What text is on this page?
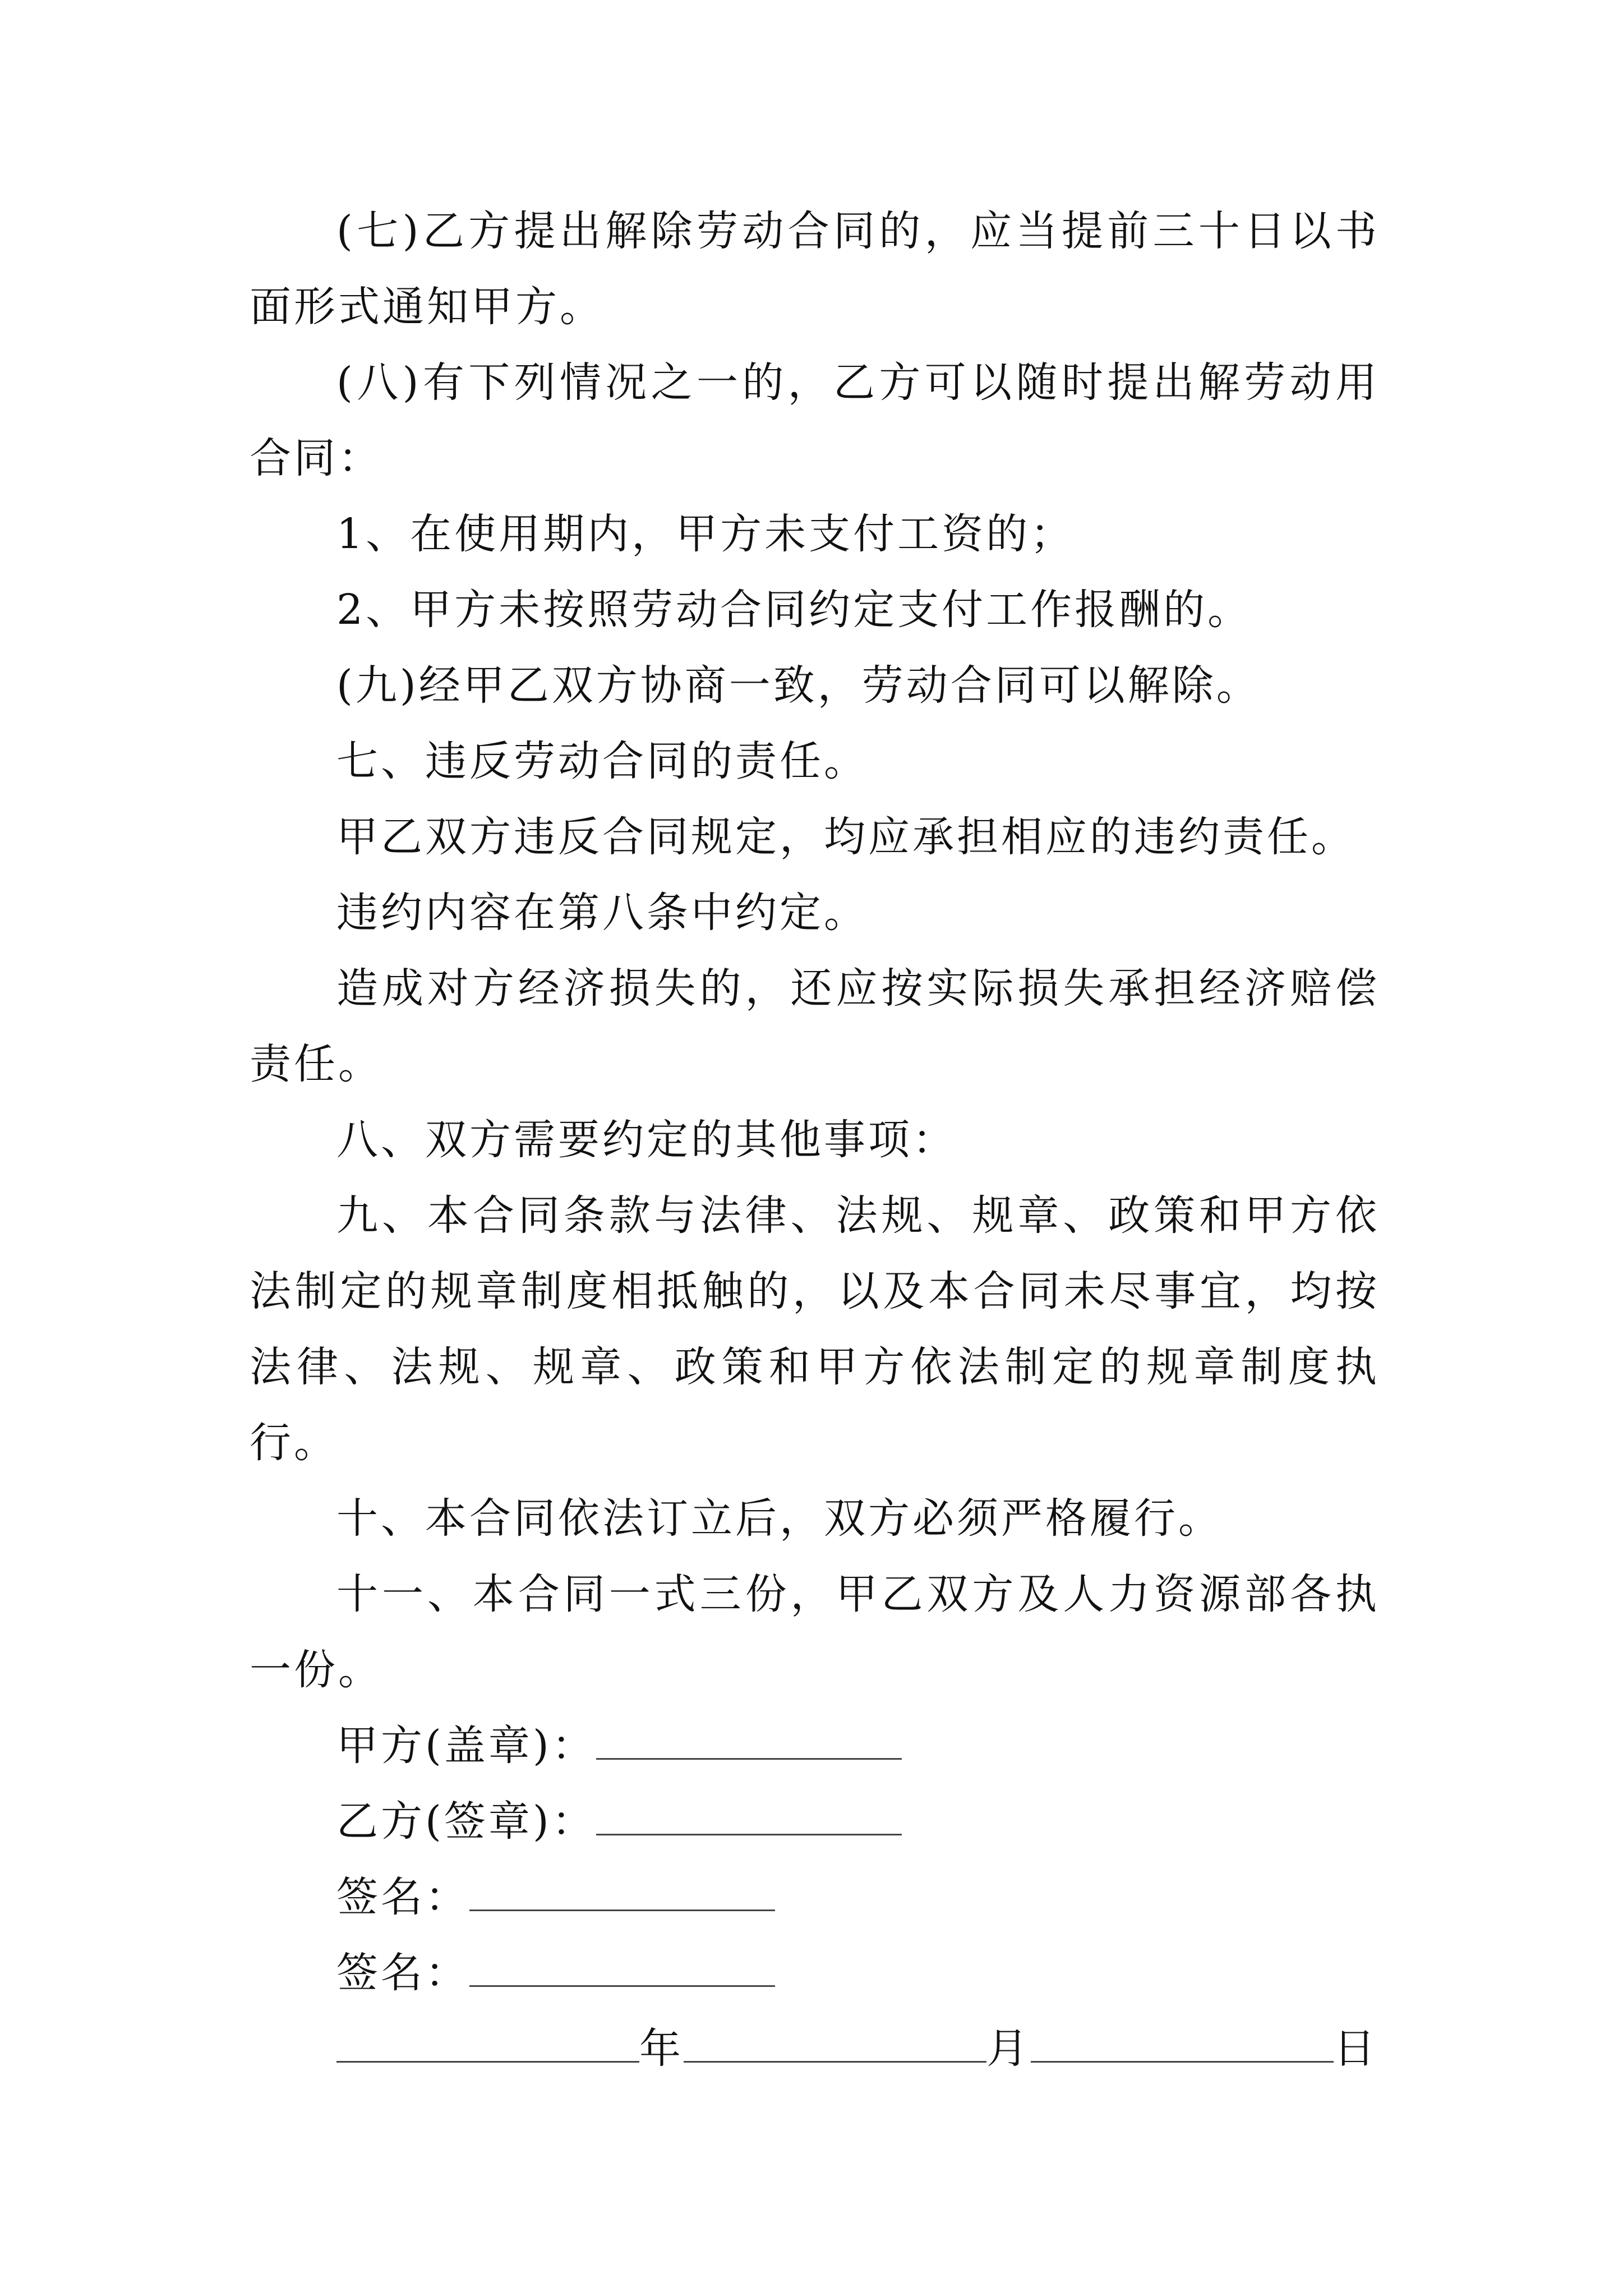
(七)乙方提出解除劳动合同的，应当提前三十日以书面形式通知甲方。

(八)有下列情况之一的，乙方可以随时提出解劳动用合同：

1、在使用期内，甲方未支付工资的；

2、甲方未按照劳动合同约定支付工作报酬的。

(九)经甲乙双方协商一致，劳动合同可以解除。

七、违反劳动合同的责任。

甲乙双方违反合同规定，均应承担相应的违约责任。

违约内容在第八条中约定。

造成对方经济损失的，还应按实际损失承担经济赔偿责任。

八、双方需要约定的其他事项：

九、本合同条款与法律、法规、规章、政策和甲方依法制定的规章制度相抵触的，以及本合同未尽事宜，均按法律、法规、规章、政策和甲方依法制定的规章制度执行。

十、本合同依法订立后，双方必须严格履行。

十一、本合同一式三份，甲乙双方及人力资源部各执一份。

甲方(盖章)：

乙方(签章)：

签名：

签名：

年	月	日
